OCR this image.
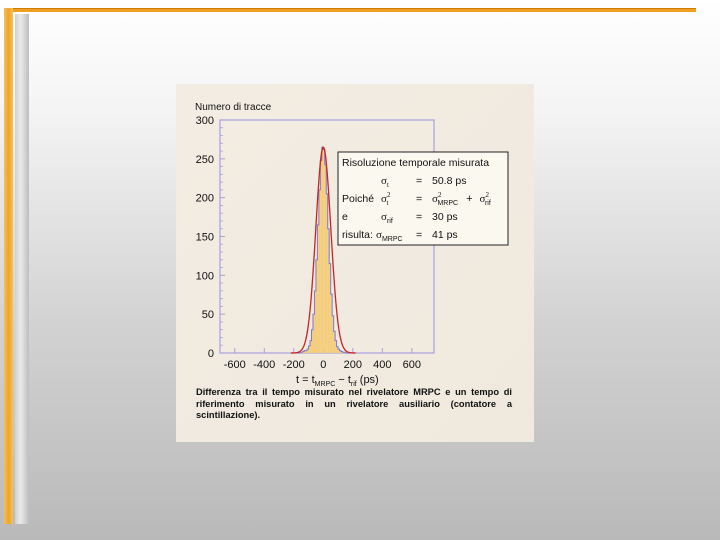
Numero di tracce
0
50
100
150
200
250
300
-600 -400 -200 0 200 400 600
Risoluzione temporale misurata
$\sigma_t$	= 50.8 ps
Poiché $\sigma^2$ t	= $\sigma^2$ MRPC + $\sigma^2$ rif
e	$\sigma_{rif} = 30$ ps
risulta: $\sigma_{MRPC} = 41$ ps
$t = t_{MRPC} - t_{rif}$ (ps)
Differenza tra il tempo misurato nel rivelatore MRPC e un tempo di riferimento misurato in un rivelatore ausiliario (contatore a scintillazione).
